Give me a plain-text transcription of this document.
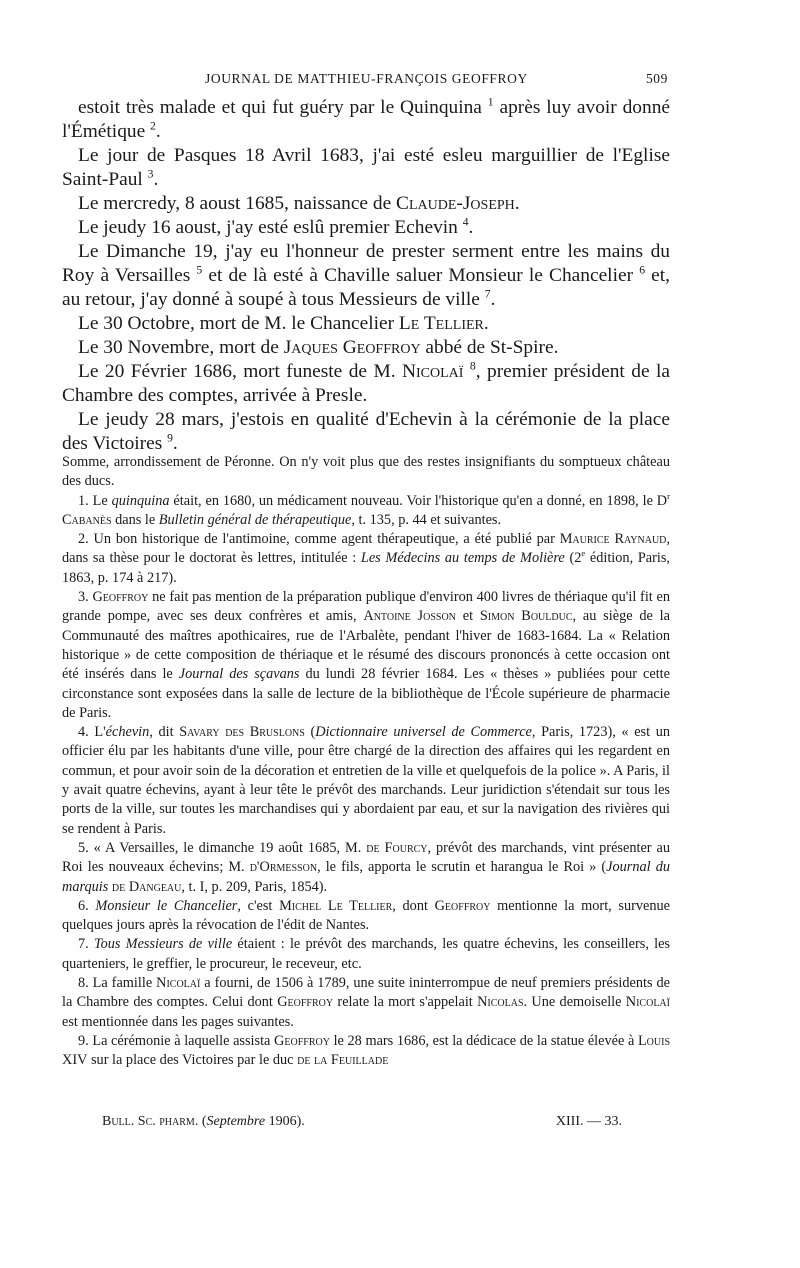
JOURNAL DE MATTHIEU-FRANÇOIS GEOFFROY	509

estoit très malade et qui fut guéry par le Quinquina $^1$ après luy avoir donné l'Émétique $^2$.

Le jour de Pasques 18 Avril 1683, j'ai esté esleu marguillier de l'Eglise Saint-Paul $^3$.

Le mercredy, 8 aoust 1685, naissance de Claude-Joseph.

Le jeudy 16 aoust, j'ay esté eslû premier Echevin $^4$.

Le Dimanche 19, j'ay eu l'honneur de prester serment entre les mains du Roy à Versailles $^5$ et de là esté à Chaville saluer Monsieur le Chancelier $^6$ et, au retour, j'ay donné à soupé à tous Messieurs de ville $^7$.

Le 30 Octobre, mort de M. le Chancelier Le Tellier.

Le 30 Novembre, mort de Jaques Geoffroy abbé de St-Spire.

Le 20 Février 1686, mort funeste de M. Nicolaï $^8$, premier président de la Chambre des comptes, arrivée à Presle.

Le jeudy 28 mars, j'estois en qualité d'Echevin à la cérémonie de la place des Victoires $^9$.

Somme, arrondissement de Péronne. On n'y voit plus que des restes insignifiants du somptueux château des ducs.

1. Le quinquina était, en 1680, un médicament nouveau. Voir l'historique qu'en a donné, en 1898, le $D^r$ Cabanès dans le Bulletin général de thérapeutique, t. 135, p. 44 et suivantes.

2. Un bon historique de l'antimoine, comme agent thérapeutique, a été publié par Maurice Raynaud, dans sa thèse pour le doctorat ès lettres, intitulée : Les Médecins au temps de Molière (2e édition, Paris, 1863, p. 174 à 217).

3. Geoffroy ne fait pas mention de la préparation publique d'environ 400 livres de thériaque qu'il fit en grande pompe, avec ses deux confrères et amis, Antoine Josson et Simon Boulduc, au siège de la Communauté des maîtres apothicaires, rue de l'Arbalète, pendant l'hiver de 1683-1684. La « Relation historique » de cette composition de thériaque et le résumé des discours prononcés à cette occasion ont été insérés dans le Journal des sçavans du lundi 28 février 1684. Les « thèses » publiées pour cette circonstance sont exposées dans la salle de lecture de la bibliothèque de l'École supérieure de pharmacie de Paris.

4. L'échevin, dit Savary des Bruslons (Dictionnaire universel de Commerce, Paris, 1723), « est un officier élu par les habitants d'une ville, pour être chargé de la direction des affaires qui les regardent en commun, et pour avoir soin de la décoration et entretien de la ville et quelquefois de la police ». A Paris, il y avait quatre échevins, ayant à leur tête le prévôt des marchands. Leur juridiction s'étendait sur tous les ports de la ville, sur toutes les marchandises qui y abordaient par eau, et sur la navigation des rivières qui se rendent à Paris.

5. « A Versailles, le dimanche 19 août 1685, M. de Fourcy, prévôt des marchands, vint présenter au Roi les nouveaux échevins; M. d'Ormesson, le fils, apporta le scrutin et harangua le Roi » (Journal du marquis de Dangeau, t. I, p. 209, Paris, 1854).

6. Monsieur le Chancelier, c'est Michel Le Tellier, dont Geoffroy mentionne la mort, survenue quelques jours après la révocation de l'édit de Nantes.

7. Tous Messieurs de ville étaient : le prévôt des marchands, les quatre échevins, les conseillers, les quarteniers, le greffier, le procureur, le receveur, etc.

8. La famille Nicolaï a fourni, de 1506 à 1789, une suite ininterrompue de neuf premiers présidents de la Chambre des comptes. Celui dont Geoffroy relate la mort s'appelait Nicolas. Une demoiselle Nicolaï est mentionnée dans les pages suivantes.

9. La cérémonie à laquelle assista Geoffroy le 28 mars 1686, est la dédicace de la statue élevée à Louis XIV sur la place des Victoires par le duc de la Feuillade

Bull. Sc. pharm. (Septembre 1906).	XIII. — 33.
